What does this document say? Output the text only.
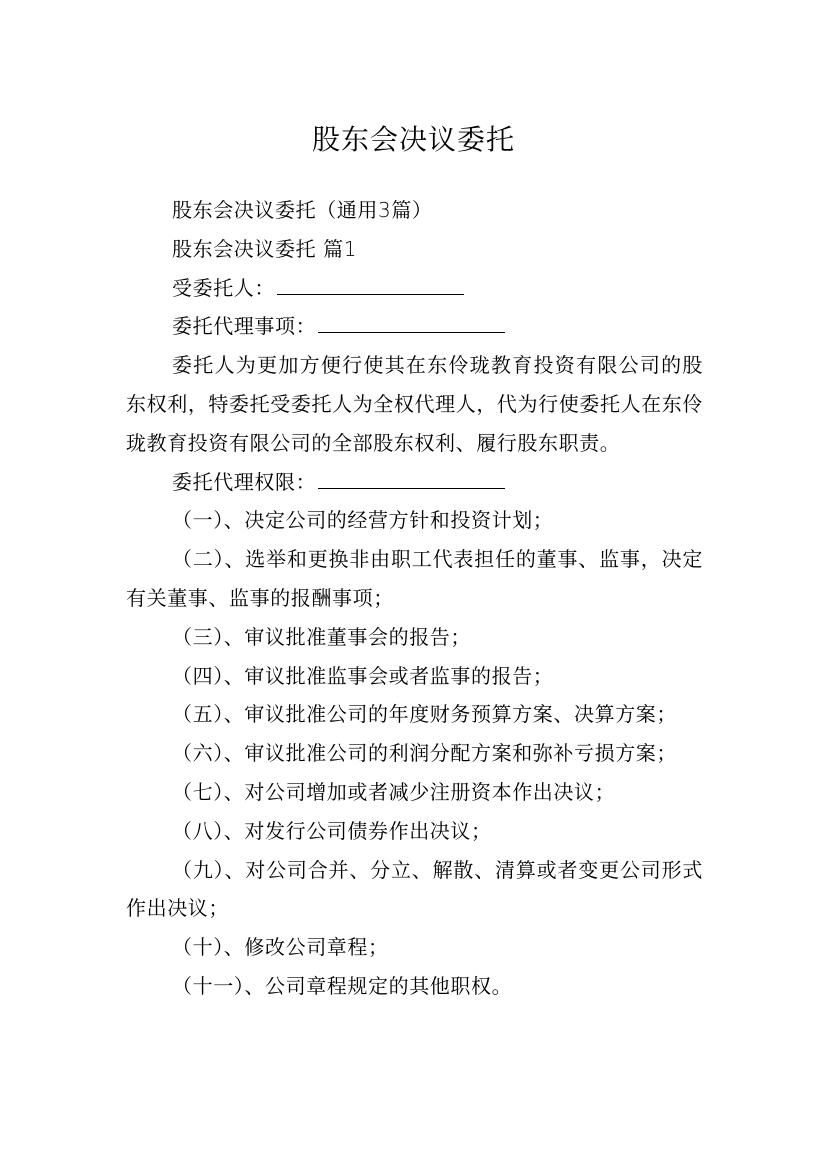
股东会决议委托

股东会决议委托（通用3篇）

股东会决议委托 篇1

受委托人：

委托代理事项：

委托人为更加方便行使其在东伶珑教育投资有限公司的股东权利，特委托受委托人为全权代理人，代为行使委托人在东伶珑教育投资有限公司的全部股东权利、履行股东职责。

委托代理权限：

（一）、决定公司的经营方针和投资计划；

（二）、选举和更换非由职工代表担任的董事、监事，决定有关董事、监事的报酬事项；

（三）、审议批准董事会的报告；

（四）、审议批准监事会或者监事的报告；

（五）、审议批准公司的年度财务预算方案、决算方案；

（六）、审议批准公司的利润分配方案和弥补亏损方案；

（七）、对公司增加或者减少注册资本作出决议；

（八）、对发行公司债券作出决议；

（九）、对公司合并、分立、解散、清算或者变更公司形式作出决议；

（十）、修改公司章程；

（十一）、公司章程规定的其他职权。
